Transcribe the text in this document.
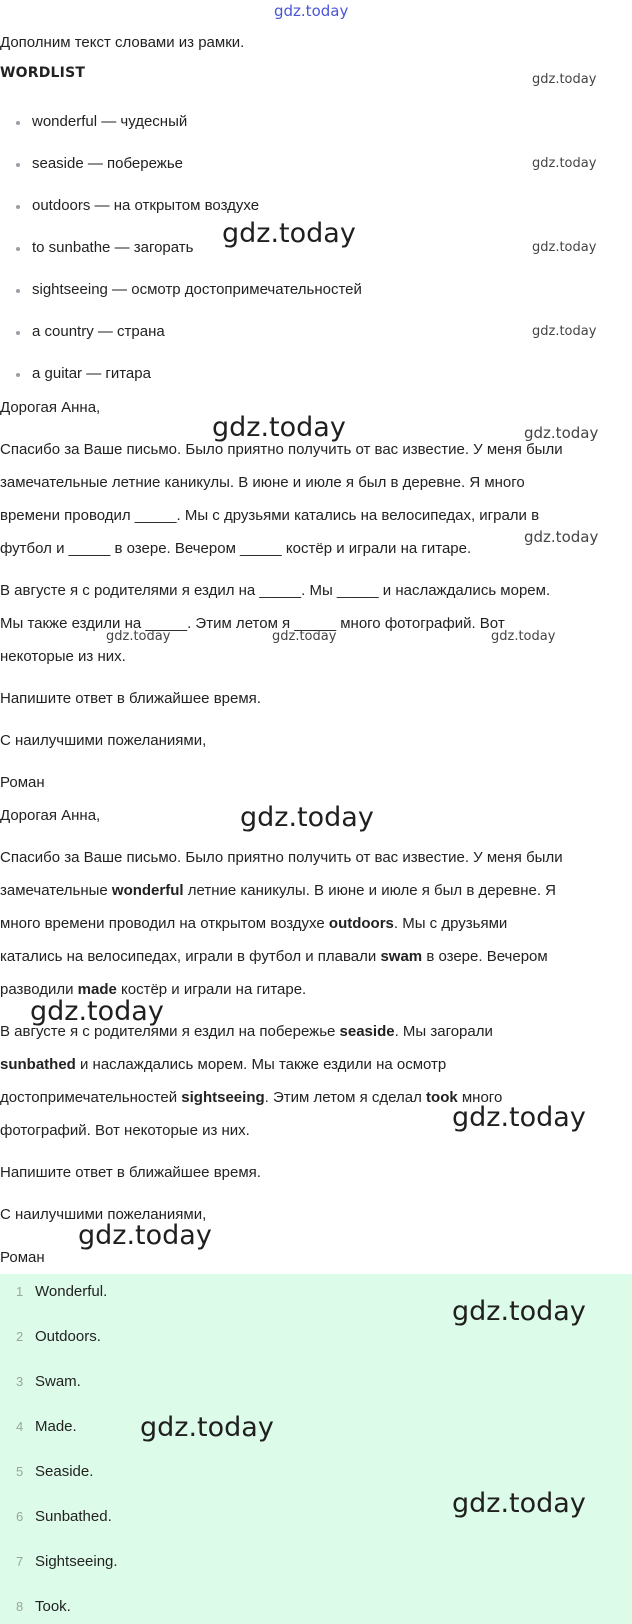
gdz.today
Дополним текст словами из рамки.
WORDLIST
wonderful — чудесный
seaside — побережье
outdoors — на открытом воздухе
to sunbathe — загорать
sightseeing — осмотр достопримечательностей
a country — страна
a guitar — гитара
Дорогая Анна,
Спасибо за Ваше письмо. Было приятно получить от вас известие. У меня были
замечательные летние каникулы. В июне и июле я был в деревне. Я много
времени проводил _____. Мы с друзьями катались на велосипедах, играли в
футбол и _____ в озере. Вечером _____ костёр и играли на гитаре.
В августе я с родителями я ездил на _____. Мы _____ и наслаждались морем.
Мы также ездили на _____. Этим летом я _____ много фотографий. Вот
некоторые из них.
Напишите ответ в ближайшее время.
С наилучшими пожеланиями,
Роман
Дорогая Анна,
Спасибо за Ваше письмо. Было приятно получить от вас известие. У меня были
замечательные wonderful летние каникулы. В июне и июле я был в деревне. Я
много времени проводил на открытом воздухе outdoors. Мы с друзьями
катались на велосипедах, играли в футбол и плавали swam в озере. Вечером
разводили made костёр и играли на гитаре.
В августе я с родителями я ездил на побережье seaside. Мы загорали
sunbathed и наслаждались морем. Мы также ездили на осмотр
достопримечательностей sightseeing. Этим летом я сделал took много
фотографий. Вот некоторые из них.
Напишите ответ в ближайшее время.
С наилучшими пожеланиями,
Роман
1 Wonderful.
2 Outdoors.
3 Swam.
4 Made.
5 Seaside.
6 Sunbathed.
7 Sightseeing.
8 Took.
gdz.today
gdz.today
gdz.today	gdz.today
gdz.today
gdz.today	gdz.today
gdz.today
gdz.today	gdz.today	gdz.today
gdz.today
gdz.today
gdz.today
gdz.today
gdz.today
gdz.today
gdz.today
